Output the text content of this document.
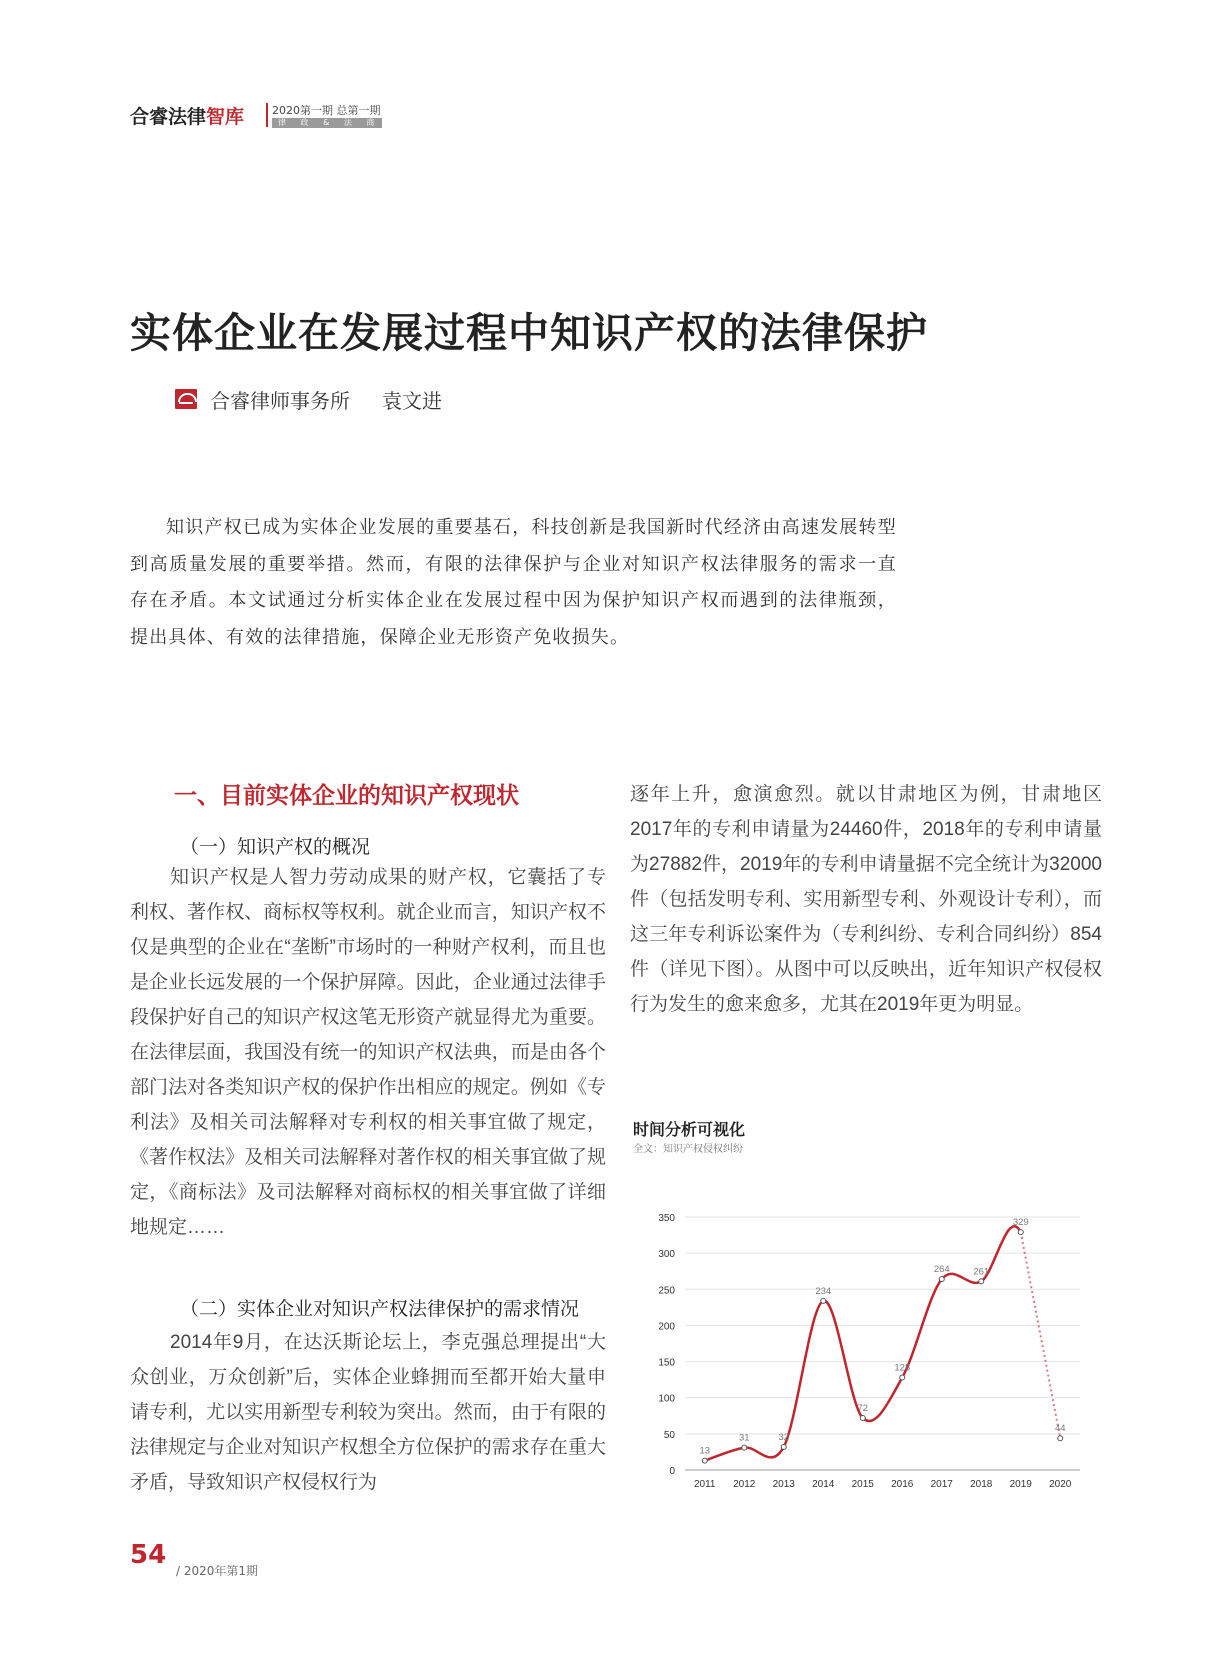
合睿法律智库	2020第一期 总第一期
律 政 & 法 商
实体企业在发展过程中知识产权的法律保护
合睿律师事务所 袁文进

知识产权已成为实体企业发展的重要基石，科技创新是我国新时代经济由高速发展转型到高质量发展的重要举措。然而，有限的法律保护与企业对知识产权法律服务的需求一直存在矛盾。本文试通过分析实体企业在发展过程中因为保护知识产权而遇到的法律瓶颈，提出具体、有效的法律措施，保障企业无形资产免收损失。

一、目前实体企业的知识产权现状
（一）知识产权的概况

知识产权是人智力劳动成果的财产权，它囊括了专利权、著作权、商标权等权利。就企业而言，知识产权不仅是典型的企业在“垄断”市场时的一种财产权利，而且也是企业长远发展的一个保护屏障。因此，企业通过法律手段保护好自己的知识产权这笔无形资产就显得尤为重要。在法律层面，我国没有统一的知识产权法典，而是由各个部门法对各类知识产权的保护作出相应的规定。例如《专利法》及相关司法解释对专利权的相关事宜做了规定，《著作权法》及相关司法解释对著作权的相关事宜做了规定，《商标法》及司法解释对商标权的相关事宜做了详细地规定……

（二）实体企业对知识产权法律保护的需求情况

2014年9月，在达沃斯论坛上，李克强总理提出“大众创业，万众创新”后，实体企业蜂拥而至都开始大量申请专利，尤以实用新型专利较为突出。然而，由于有限的法律规定与企业对知识产权想全方位保护的需求存在重大矛盾，导致知识产权侵权行为

逐年上升，愈演愈烈。就以甘肃地区为例，甘肃地区2017年的专利申请量为24460件，2018年的专利申请量为27882件，2019年的专利申请量据不完全统计为32000件（包括发明专利、实用新型专利、外观设计专利），而这三年专利诉讼案件为（专利纠纷、专利合同纠纷）854件（详见下图）。从图中可以反映出，近年知识产权侵权行为发生的愈来愈多，尤其在2019年更为明显。

时间分析可视化
全文：知识产权侵权纠纷
0
50
100
150
200
250
300
350
2011 2012 2013 2014 2015 2016 2017 2018 2019 2020
13
31	32
234
72
128
264 261
329
44
54
/ 2020年第1期
